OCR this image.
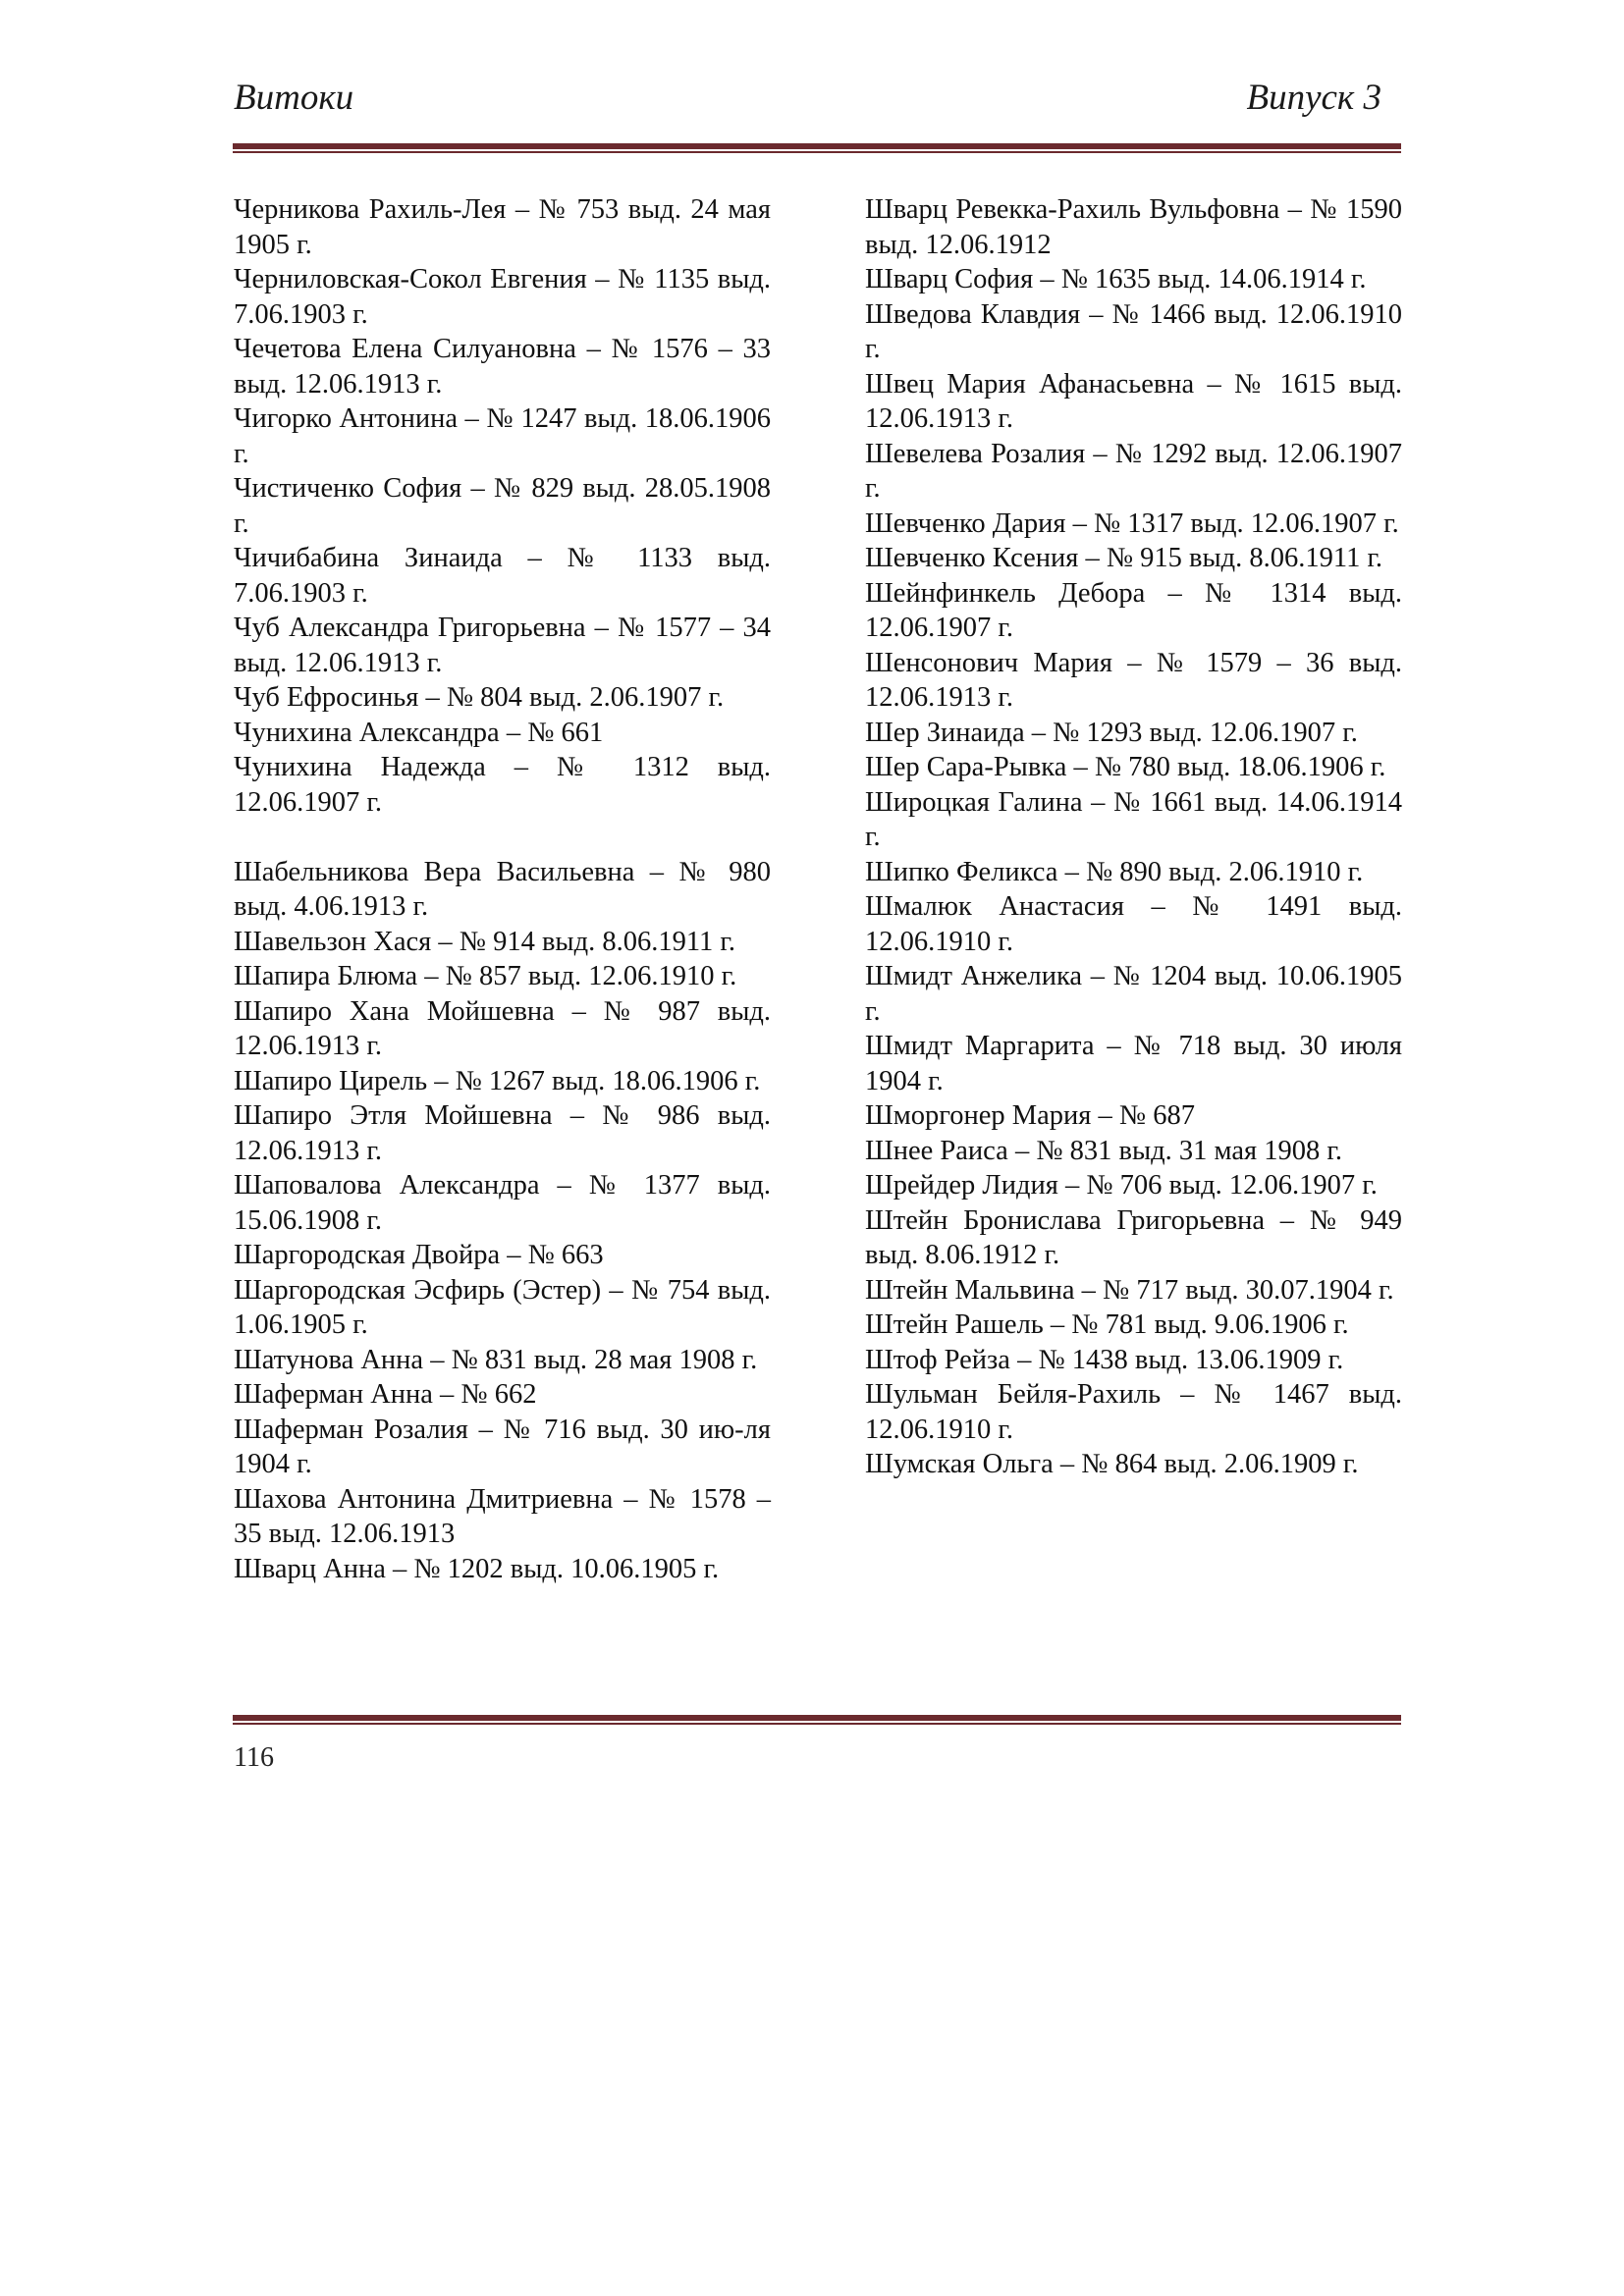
Витоки	Випуск 3
Черникова Рахиль-Лея – № 753 выд. 24 мая 1905 г.
Черниловская-Сокол Евгения – № 1135 выд. 7.06.1903 г.
Чечетова Елена Силуановна – № 1576 – 33 выд. 12.06.1913 г.
Чигорко Антонина – № 1247 выд. 18.06.1906 г.
Чистиченко София – № 829 выд. 28.05.1908 г.
Чичибабина Зинаида – № 1133 выд. 7.06.1903 г.
Чуб Александра Григорьевна – № 1577 – 34 выд. 12.06.1913 г.
Чуб Ефросинья – № 804 выд. 2.06.1907 г.
Чунихина Александра – № 661
Чунихина Надежда – № 1312 выд. 12.06.1907 г.
Шабельникова Вера Васильевна – № 980 выд. 4.06.1913 г.
Шавельзон Хася – № 914 выд. 8.06.1911 г.
Шапира Блюма – № 857 выд. 12.06.1910 г.
Шапиро Хана Мойшевна – № 987 выд. 12.06.1913 г.
Шапиро Цирель – № 1267 выд. 18.06.1906 г.
Шапиро Этля Мойшевна – № 986 выд. 12.06.1913 г.
Шаповалова Александра – № 1377 выд. 15.06.1908 г.
Шаргородская Двойра – № 663
Шаргородская Эсфирь (Эстер) – № 754 выд. 1.06.1905 г.
Шатунова Анна – № 831 выд. 28 мая 1908 г.
Шаферман Анна – № 662
Шаферман Розалия – № 716 выд. 30 ию-ля 1904 г.
Шахова Антонина Дмитриевна – № 1578 – 35 выд. 12.06.1913
Шварц Анна – № 1202 выд. 10.06.1905 г.
Шварц Ревекка-Рахиль Вульфовна – № 1590 выд. 12.06.1912
Шварц София – № 1635 выд. 14.06.1914 г.
Шведова Клавдия – № 1466 выд. 12.06.1910 г.
Швец Мария Афанасьевна – № 1615 выд. 12.06.1913 г.
Шевелева Розалия – № 1292 выд. 12.06.1907 г.
Шевченко Дария – № 1317 выд. 12.06.1907 г.
Шевченко Ксения – № 915 выд. 8.06.1911 г.
Шейнфинкель Дебора – № 1314 выд. 12.06.1907 г.
Шенсонович Мария – № 1579 – 36 выд. 12.06.1913 г.
Шер Зинаида – № 1293 выд. 12.06.1907 г.
Шер Сара-Рывка – № 780 выд. 18.06.1906 г.
Широцкая Галина – № 1661 выд. 14.06.1914 г.
Шипко Феликса – № 890 выд. 2.06.1910 г.
Шмалюк Анастасия – № 1491 выд. 12.06.1910 г.
Шмидт Анжелика – № 1204 выд. 10.06.1905 г.
Шмидт Маргарита – № 718 выд. 30 июля 1904 г.
Шморгонер Мария – № 687
Шнее Раиса – № 831 выд. 31 мая 1908 г.
Шрейдер Лидия – № 706 выд. 12.06.1907 г.
Штейн Бронислава Григорьевна – № 949 выд. 8.06.1912 г.
Штейн Мальвина – № 717 выд. 30.07.1904 г.
Штейн Рашель – № 781 выд. 9.06.1906 г.
Штоф Рейза – № 1438 выд. 13.06.1909 г.
Шульман Бейля-Рахиль – № 1467 выд. 12.06.1910 г.
Шумская Ольга – № 864 выд. 2.06.1909 г.
116
